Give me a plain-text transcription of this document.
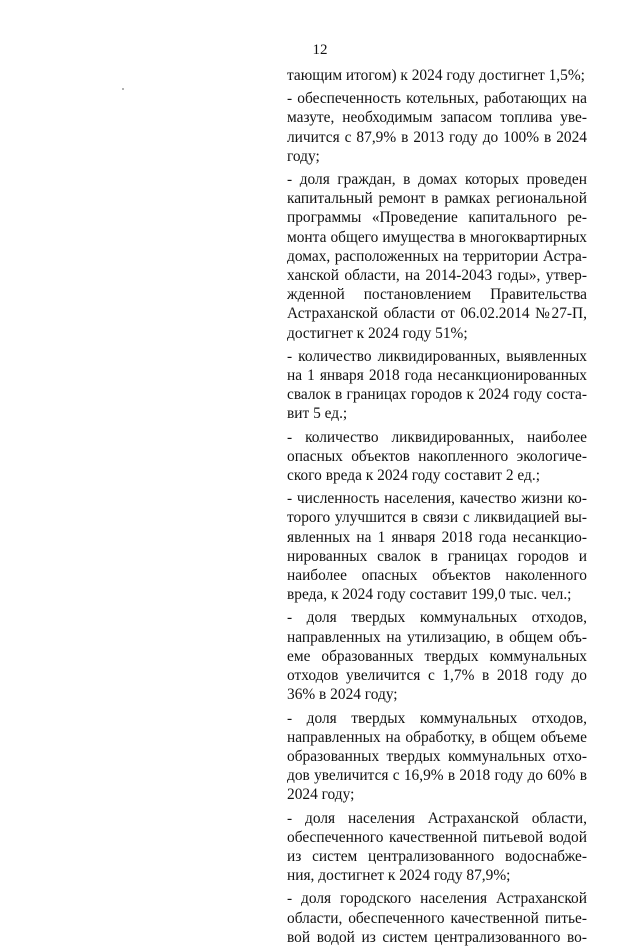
12
тающим итогом) к 2024 году достигнет 1,5%;
- обеспеченность котельных, работающих на
мазуте, необходимым запасом топлива уве-
личится с 87,9% в 2013 году до 100% в 2024
году;
- доля граждан, в домах которых проведен
капитальный ремонт в рамках региональной
программы «Проведение капитального ре-
монта общего имущества в многоквартирных
домах, расположенных на территории Астра-
ханской области, на 2014-2043 годы», утвер-
жденной постановлением Правительства
Астраханской области от 06.02.2014 №27-П,
достигнет к 2024 году 51%;
- количество ликвидированных, выявленных
на 1 января 2018 года несанкционированных
свалок в границах городов к 2024 году соста-
вит 5 ед.;
- количество ликвидированных, наиболее
опасных объектов накопленного экологиче-
ского вреда к 2024 году составит 2 ед.;
- численность населения, качество жизни ко-
торого улучшится в связи с ликвидацией вы-
явленных на 1 января 2018 года несанкцио-
нированных свалок в границах городов и
наиболее опасных объектов наколенного
вреда, к 2024 году составит 199,0 тыс. чел.;
- доля твердых коммунальных отходов,
направленных на утилизацию, в общем объ-
еме образованных твердых коммунальных
отходов увеличится с 1,7% в 2018 году до
36% в 2024 году;
- доля твердых коммунальных отходов,
направленных на обработку, в общем объеме
образованных твердых коммунальных отхо-
дов увеличится с 16,9% в 2018 году до 60% в
2024 году;
- доля населения Астраханской области,
обеспеченного качественной питьевой водой
из систем централизованного водоснабже-
ния, достигнет к 2024 году 87,9%;
- доля городского населения Астраханской
области, обеспеченного качественной питье-
вой водой из систем централизованного во-
